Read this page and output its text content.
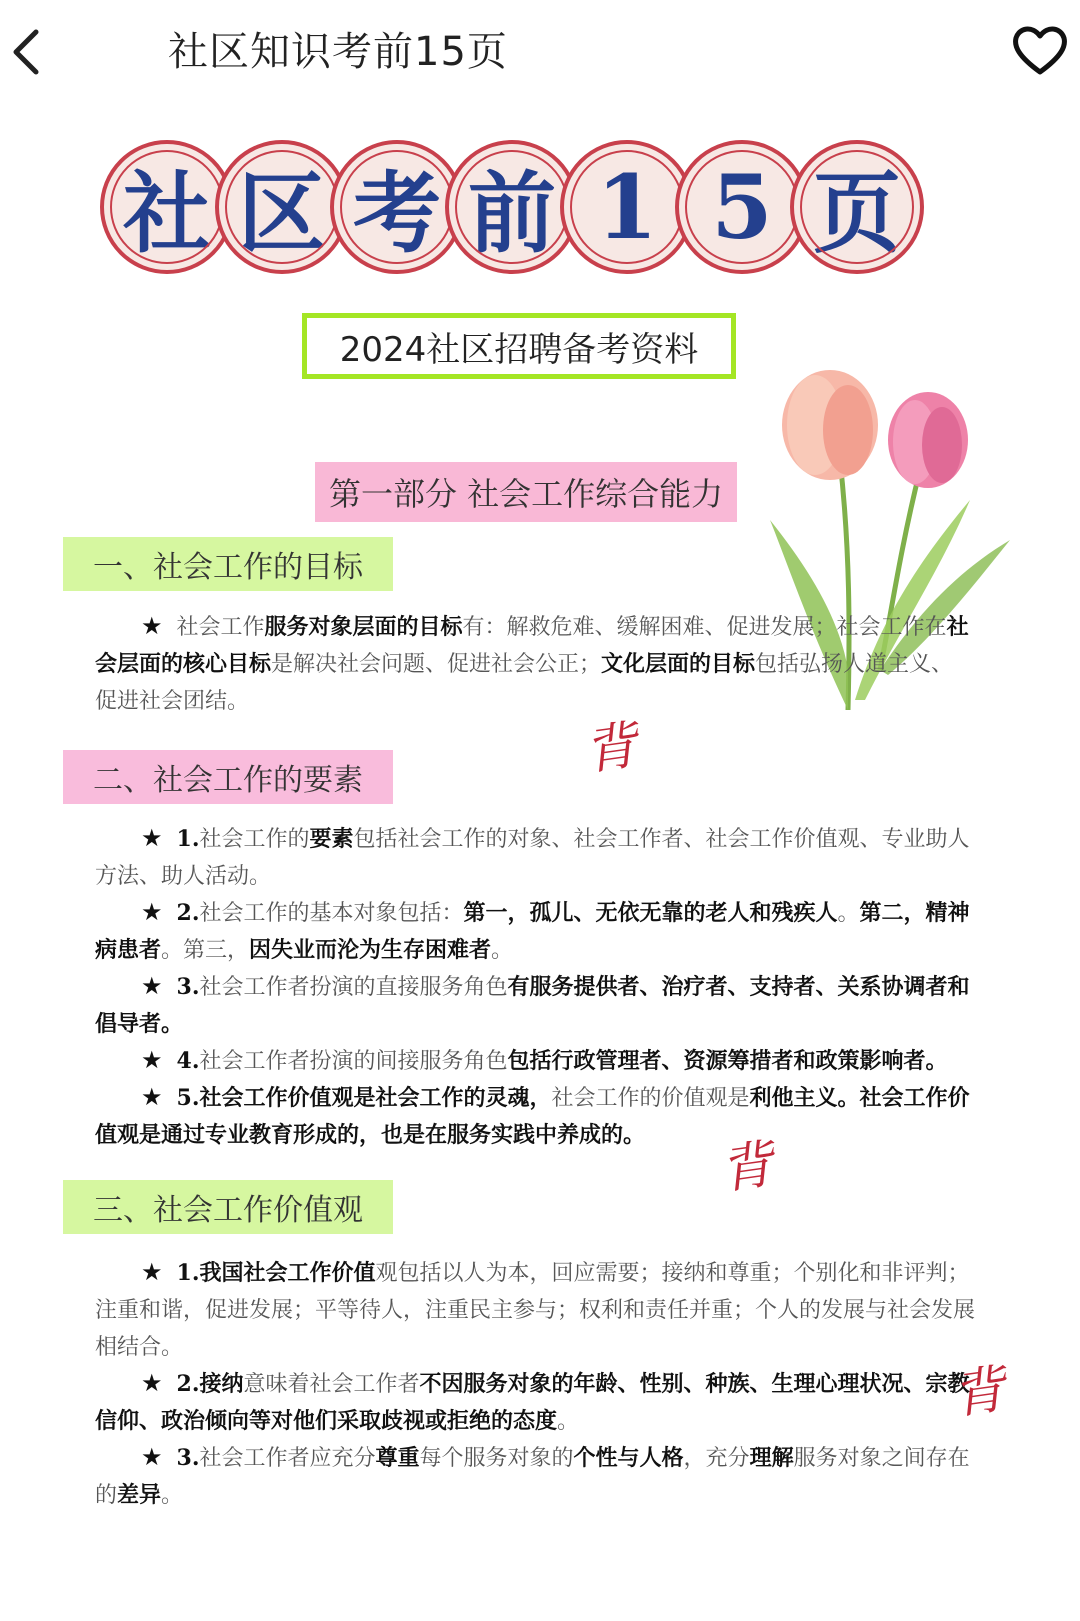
社区知识考前15页
社 区 考 前 1 5 页
2024社区招聘备考资料
第一部分 社会工作综合能力
一、社会工作的目标
★ 社会工作服务对象层面的目标有：解救危难、缓解困难、促进发展；社会工作在社会层面的核心目标是解决社会问题、促进社会公正；文化层面的目标包括弘扬人道主义、促进社会团结。
背
二、社会工作的要素
★ 1.社会工作的要素包括社会工作的对象、社会工作者、社会工作价值观、专业助人方法、助人活动。
★ 2.社会工作的基本对象包括：第一，孤儿、无依无靠的老人和残疾人。第二，精神病患者。第三，因失业而沦为生存困难者。
★ 3.社会工作者扮演的直接服务角色有服务提供者、治疗者、支持者、关系协调者和倡导者。
★ 4.社会工作者扮演的间接服务角色包括行政管理者、资源筹措者和政策影响者。
★ 5.社会工作价值观是社会工作的灵魂，社会工作的价值观是利他主义。社会工作价值观是通过专业教育形成的，也是在服务实践中养成的。	背
三、社会工作价值观
★ 1.我国社会工作价值观包括以人为本，回应需要；接纳和尊重；个别化和非评判；注重和谐，促进发展；平等待人，注重民主参与；权利和责任并重；个人的发展与社会发展相结合。
★ 2.接纳意味着社会工作者不因服务对象的年龄、性别、种族、生理心理状况、宗教信仰、政治倾向等对他们采取歧视或拒绝的态度。
★ 3.社会工作者应充分尊重每个服务对象的个性与人格，充分理解服务对象之间存在的差异。
背
